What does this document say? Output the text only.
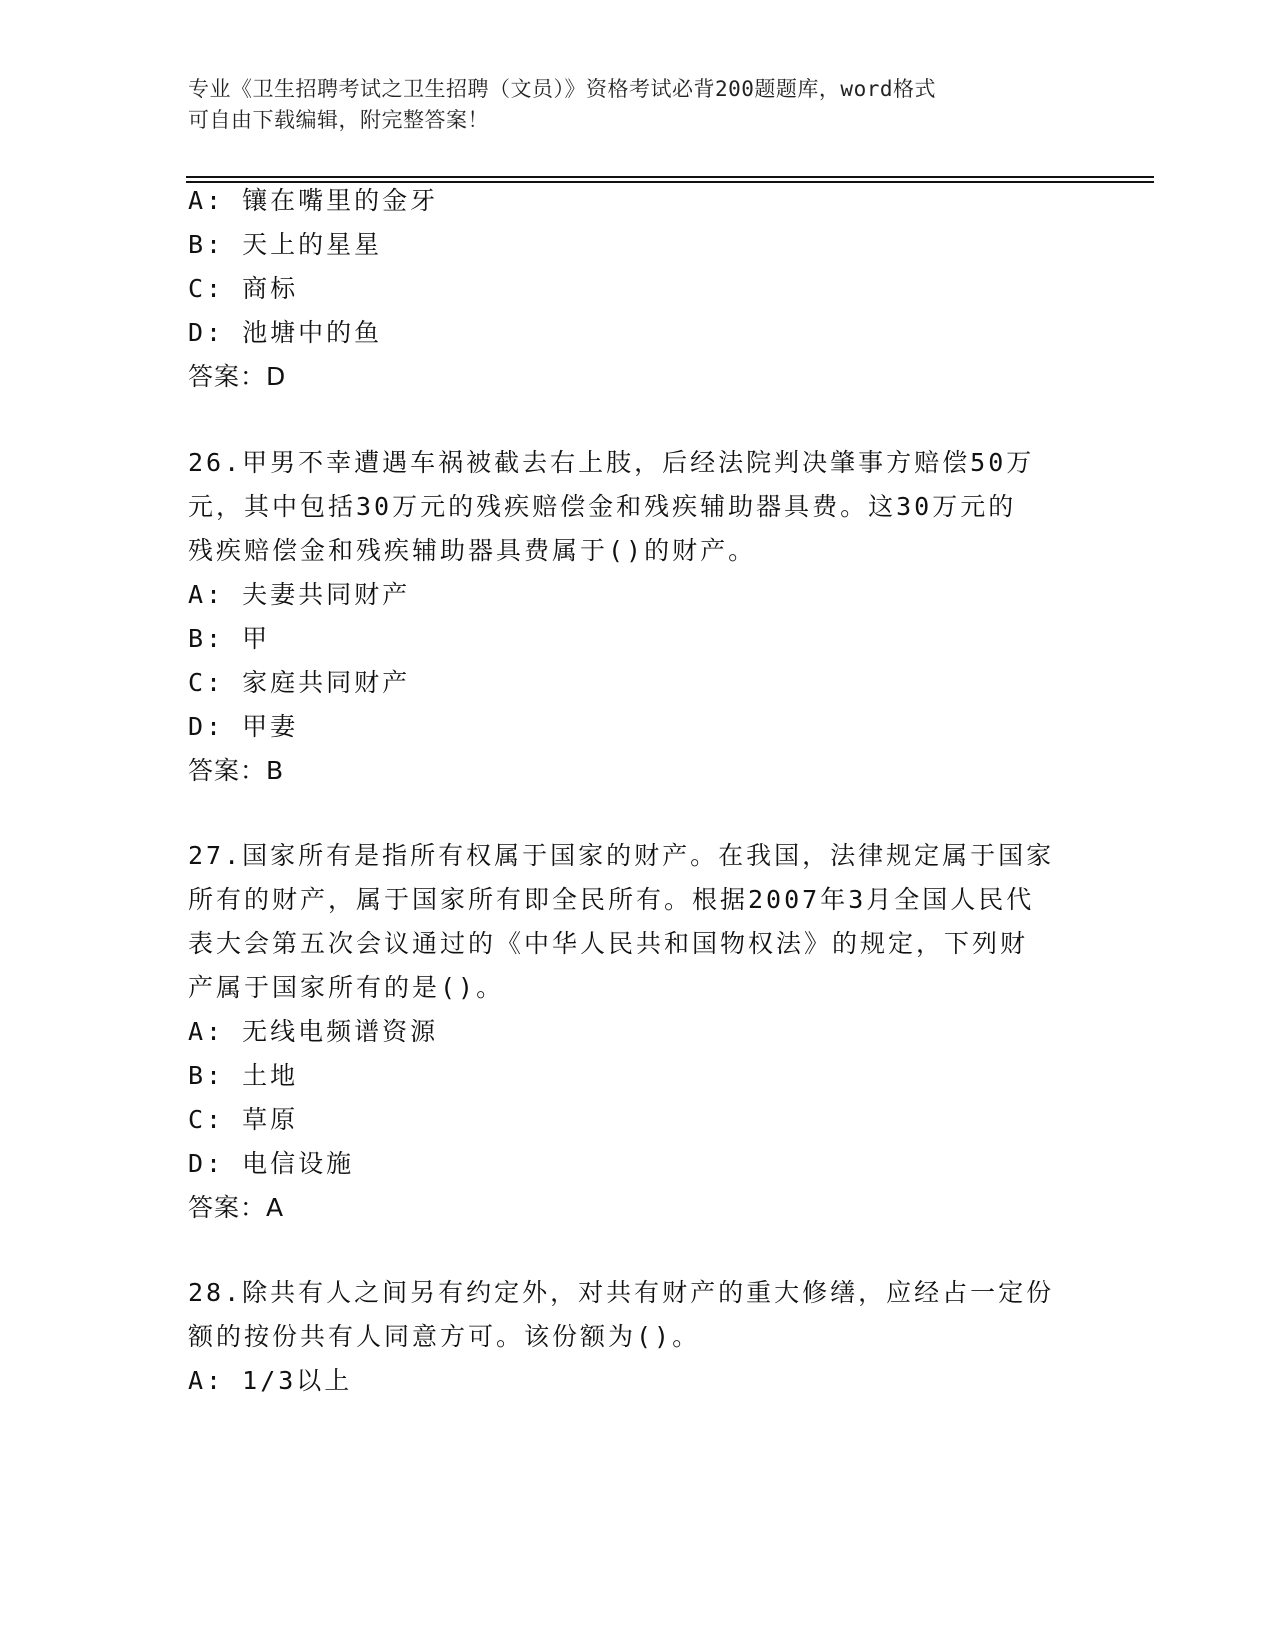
专业《卫生招聘考试之卫生招聘（文员）》资格考试必背200题题库，word格式
可自由下载编辑，附完整答案！
A: 镶在嘴里的金牙
B: 天上的星星
C: 商标
D: 池塘中的鱼
答案：D
26.甲男不幸遭遇车祸被截去右上肢，后经法院判决肇事方赔偿50万
元，其中包括30万元的残疾赔偿金和残疾辅助器具费。这30万元的
残疾赔偿金和残疾辅助器具费属于()的财产。
A: 夫妻共同财产
B: 甲
C: 家庭共同财产
D: 甲妻
答案：B
27.国家所有是指所有权属于国家的财产。在我国，法律规定属于国家
所有的财产，属于国家所有即全民所有。根据2007年3月全国人民代
表大会第五次会议通过的《中华人民共和国物权法》的规定，下列财
产属于国家所有的是()。
A: 无线电频谱资源
B: 土地
C: 草原
D: 电信设施
答案：A
28.除共有人之间另有约定外，对共有财产的重大修缮，应经占一定份
额的按份共有人同意方可。该份额为()。
A: 1/3以上
